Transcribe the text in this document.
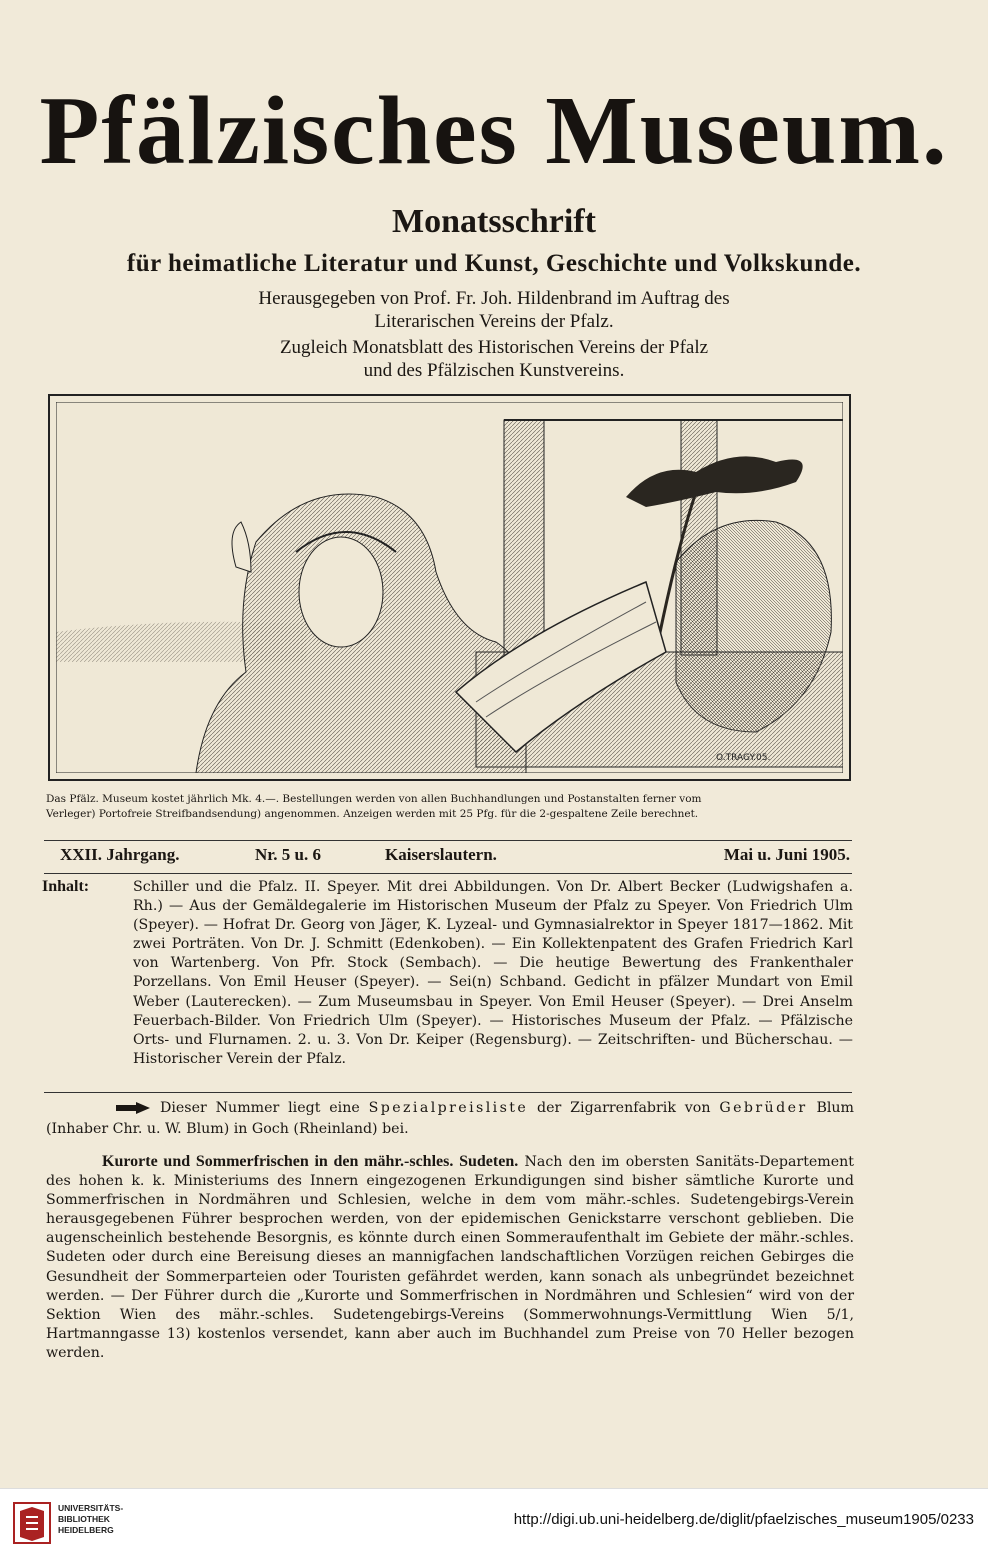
Pfälzisches Museum.
Monatsschrift
für heimatliche Literatur und Kunst, Geschichte und Volkskunde.
Herausgegeben von Prof. Fr. Joh. Hildenbrand im Auftrag des
Literarischen Vereins der Pfalz.
Zugleich Monatsblatt des Historischen Vereins der Pfalz
und des Pfälzischen Kunstvereins.
O.TRAGY.05.
Das Pfälz. Museum kostet jährlich Mk. 4.—. Bestellungen werden von allen Buchhandlungen und Postanstalten ferner vom
Verleger) Portofreie Streifbandsendung) angenommen. Anzeigen werden mit 25 Pfg. für die 2-gespaltene Zeile berechnet.
XXII. Jahrgang.	Nr. 5 u. 6	Kaiserslautern.	Mai u. Juni 1905.
Inhalt:	Schiller und die Pfalz. II. Speyer. Mit drei Abbildungen. Von Dr. Albert Becker (Ludwigshafen a. Rh.) — Aus der Gemäldegalerie im Historischen Museum der Pfalz zu Speyer. Von Friedrich Ulm (Speyer). — Hofrat Dr. Georg von Jäger, K. Lyzeal- und Gymnasialrektor in Speyer 1817—1862. Mit zwei Porträten. Von Dr. J. Schmitt (Edenkoben). — Ein Kollektenpatent des Grafen Friedrich Karl von Wartenberg. Von Pfr. Stock (Sembach). — Die heutige Bewertung des Frankenthaler Porzellans. Von Emil Heuser (Speyer). — Sei(n) Schband. Gedicht in pfälzer Mundart von Emil Weber (Lauterecken). — Zum Museumsbau in Speyer. Von Emil Heuser (Speyer). — Drei Anselm Feuerbach-Bilder. Von Friedrich Ulm (Speyer). — Historisches Museum der Pfalz. — Pfälzische Orts- und Flurnamen. 2. u. 3. Von Dr. Keiper (Regensburg). — Zeitschriften- und Bücherschau. — Historischer Verein der Pfalz.

Dieser Nummer liegt eine Spezialpreisliste der Zigarrenfabrik von Gebrüder Blum (Inhaber Chr. u. W. Blum) in Goch (Rheinland) bei.

Kurorte und Sommerfrischen in den mähr.-schles. Sudeten. Nach den im obersten Sanitäts-Departement des hohen k. k. Ministeriums des Innern eingezogenen Erkundigungen sind bisher sämtliche Kurorte und Sommerfrischen in Nordmähren und Schlesien, welche in dem vom mähr.-schles. Sudetengebirgs-Verein herausgegebenen Führer besprochen werden, von der epidemischen Genickstarre verschont geblieben. Die augenscheinlich bestehende Besorgnis, es könnte durch einen Sommeraufenthalt im Gebiete der mähr.-schles. Sudeten oder durch eine Bereisung dieses an mannigfachen landschaftlichen Vorzügen reichen Gebirges die Gesundheit der Sommerparteien oder Touristen gefährdet werden, kann sonach als unbegründet bezeichnet werden. — Der Führer durch die „Kurorte und Sommerfrischen in Nordmähren und Schlesien“ wird von der Sektion Wien des mähr.-schles. Sudetengebirgs-Vereins (Sommerwohnungs-Vermittlung Wien 5/1, Hartmanngasse 13) kostenlos versendet, kann aber auch im Buchhandel zum Preise von 70 Heller bezogen werden.

UNIVERSITÄTS-
BIBLIOTHEK
HEIDELBERG
http://digi.ub.uni-heidelberg.de/diglit/pfaelzisches_museum1905/0233
